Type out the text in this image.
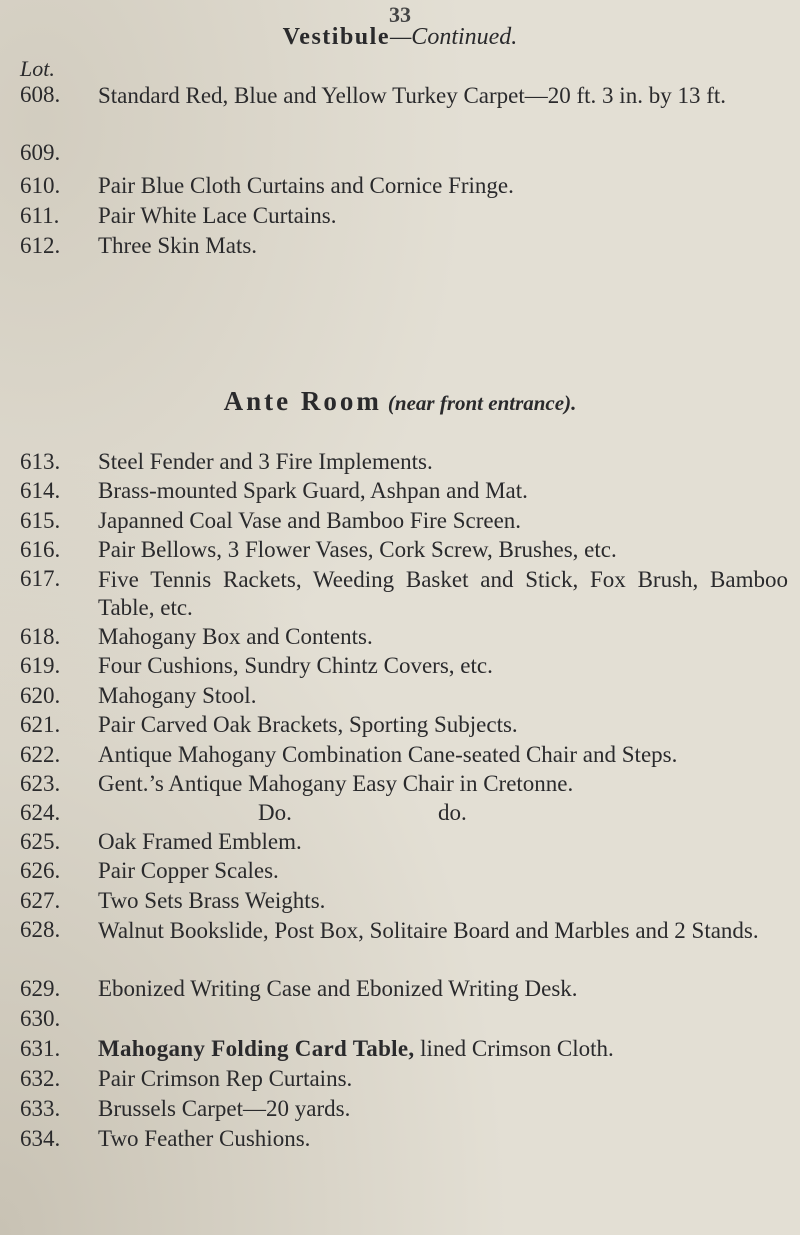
33
Vestibule—Continued.
Lot.
Ante Room (near front entrance).
608.
609.
610.
611.
612.
613.
614.
615.
616.
617.
618.
619.
620.
621.
622.
623.
624.
625.
626.
627.
628.
629.
630.
631.
632.
633.
634.
Standard Red, Blue and Yellow Turkey Carpet—20 ft. 3 in. by 13 ft.
Pair Blue Cloth Curtains and Cornice Fringe.
Pair White Lace Curtains.
Three Skin Mats.
Steel Fender and 3 Fire Implements.
Brass-mounted Spark Guard, Ashpan and Mat.
Japanned Coal Vase and Bamboo Fire Screen.
Pair Bellows, 3 Flower Vases, Cork Screw, Brushes, etc.
Five Tennis Rackets, Weeding Basket and Stick, Fox Brush, Bamboo Table, etc.
Mahogany Box and Contents.
Four Cushions, Sundry Chintz Covers, etc.
Mahogany Stool.
Pair Carved Oak Brackets, Sporting Subjects.
Antique Mahogany Combination Cane-seated Chair and Steps.
Gent.’s Antique Mahogany Easy Chair in Cretonne.
Do.	do.
Oak Framed Emblem.
Pair Copper Scales.
Two Sets Brass Weights.
Walnut Bookslide, Post Box, Solitaire Board and Marbles and 2 Stands.
Ebonized Writing Case and Ebonized Writing Desk.
Mahogany Folding Card Table, lined Crimson Cloth.
Pair Crimson Rep Curtains.
Brussels Carpet—20 yards.
Two Feather Cushions.
